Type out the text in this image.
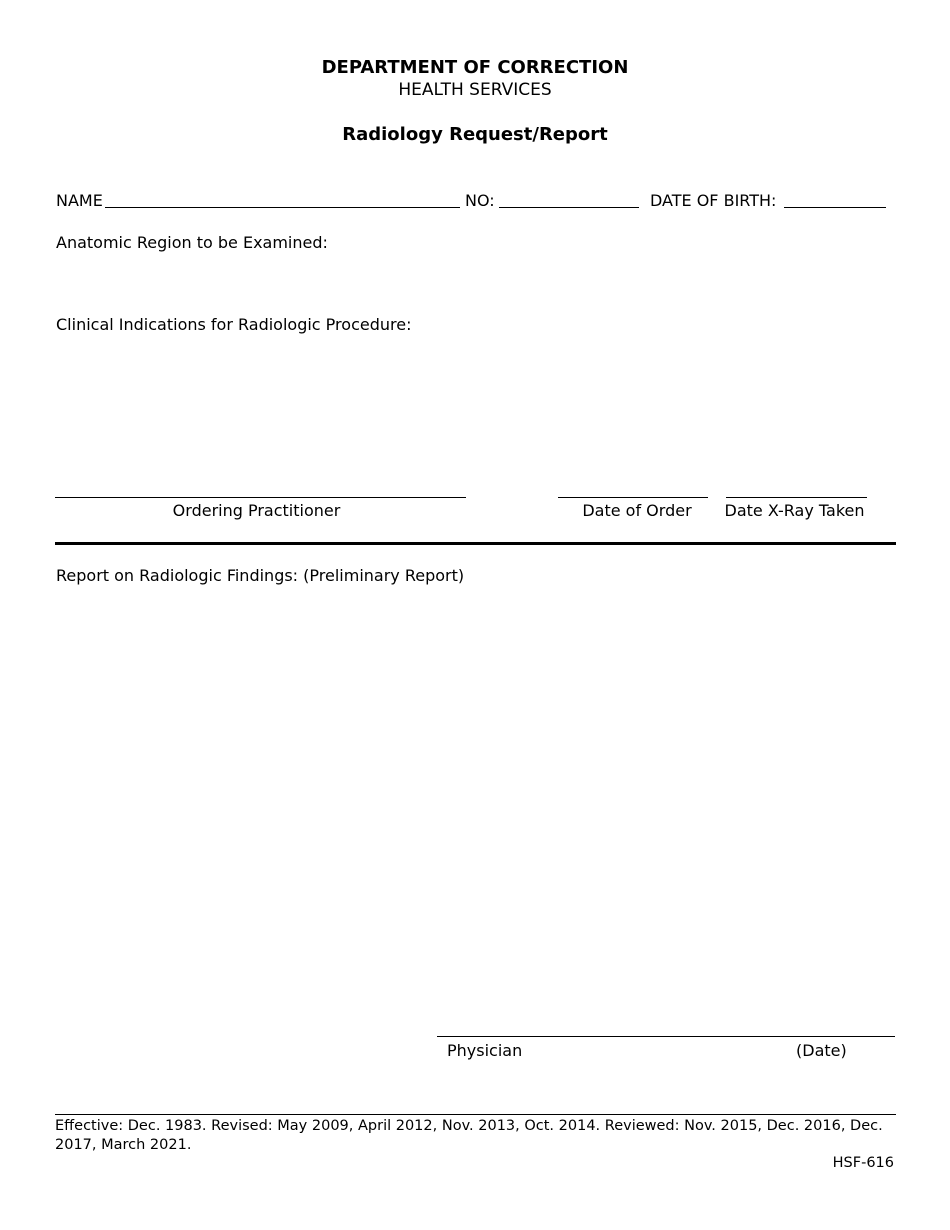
DEPARTMENT OF CORRECTION
HEALTH SERVICES
Radiology Request/Report
NAME	NO:	DATE OF BIRTH:
Anatomic Region to be Examined:
Clinical Indications for Radiologic Procedure:
Ordering Practitioner	Date of Order	Date X-Ray Taken
Report on Radiologic Findings: (Preliminary Report)
Physician	(Date)
Effective: Dec. 1983. Revised: May 2009, April 2012, Nov. 2013, Oct. 2014. Reviewed: Nov. 2015, Dec. 2016, Dec. 2017, March 2021.
HSF-616
